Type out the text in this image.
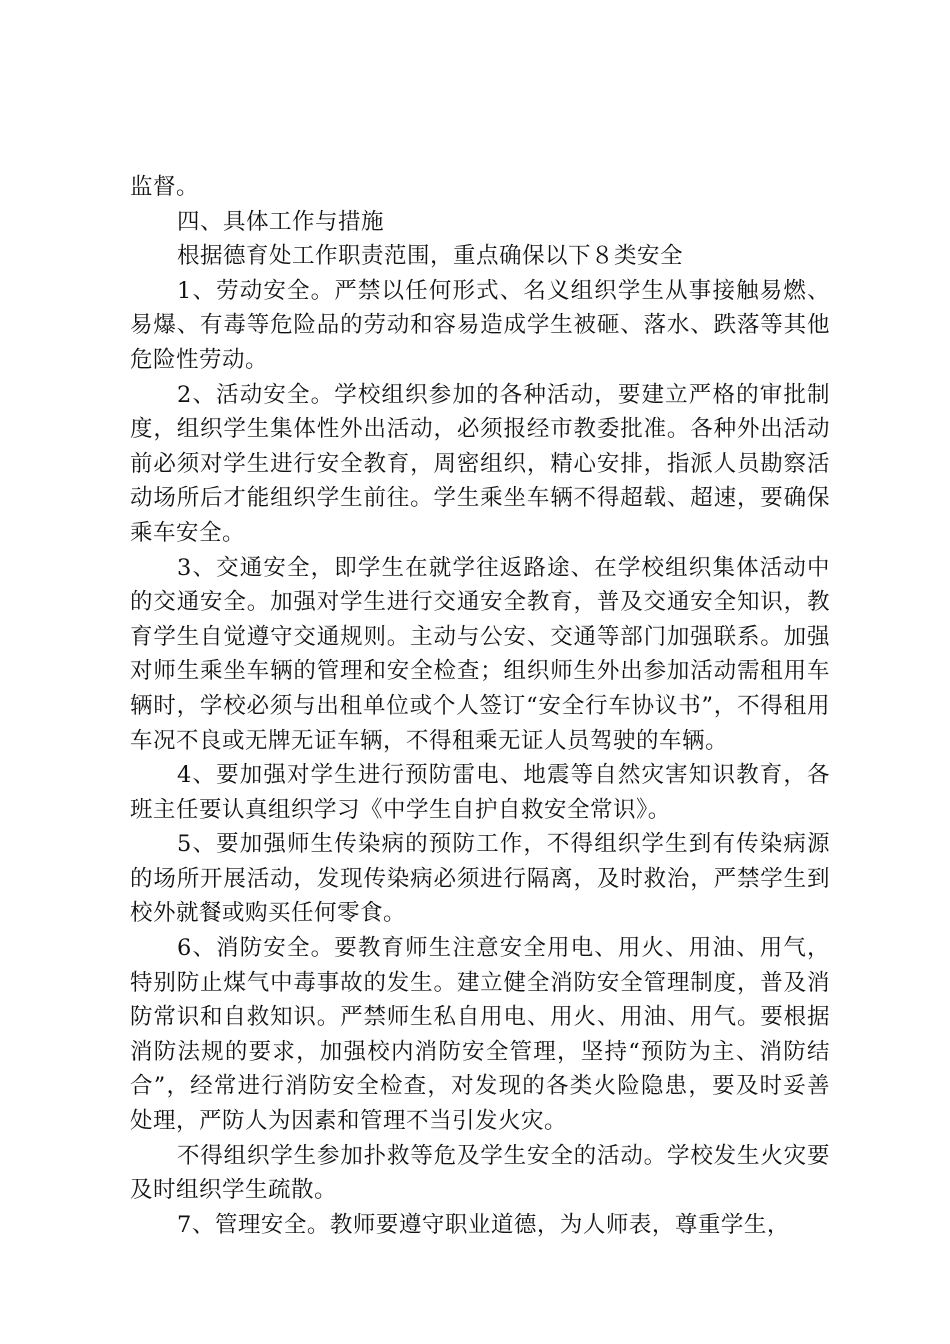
监督。

四、具体工作与措施

根据德育处工作职责范围，重点确保以下８类安全

1、劳动安全。严禁以任何形式、名义组织学生从事接触易燃、易爆、有毒等危险品的劳动和容易造成学生被砸、落水、跌落等其他危险性劳动。

2、活动安全。学校组织参加的各种活动，要建立严格的审批制度，组织学生集体性外出活动，必须报经市教委批准。各种外出活动前必须对学生进行安全教育，周密组织，精心安排，指派人员勘察活动场所后才能组织学生前往。学生乘坐车辆不得超载、超速，要确保乘车安全。

3、交通安全，即学生在就学往返路途、在学校组织集体活动中的交通安全。加强对学生进行交通安全教育，普及交通安全知识，教育学生自觉遵守交通规则。主动与公安、交通等部门加强联系。加强对师生乘坐车辆的管理和安全检查；组织师生外出参加活动需租用车辆时，学校必须与出租单位或个人签订“安全行车协议书”，不得租用车况不良或无牌无证车辆，不得租乘无证人员驾驶的车辆。

4、要加强对学生进行预防雷电、地震等自然灾害知识教育，各班主任要认真组织学习《中学生自护自救安全常识》。

5、要加强师生传染病的预防工作，不得组织学生到有传染病源的场所开展活动，发现传染病必须进行隔离，及时救治，严禁学生到校外就餐或购买任何零食。

6、消防安全。要教育师生注意安全用电、用火、用油、用气，特别防止煤气中毒事故的发生。建立健全消防安全管理制度，普及消防常识和自救知识。严禁师生私自用电、用火、用油、用气。要根据消防法规的要求，加强校内消防安全管理，坚持“预防为主、消防结合”，经常进行消防安全检查，对发现的各类火险隐患，要及时妥善处理，严防人为因素和管理不当引发火灾。

不得组织学生参加扑救等危及学生安全的活动。学校发生火灾要及时组织学生疏散。

7、管理安全。教师要遵守职业道德，为人师表，尊重学生，
